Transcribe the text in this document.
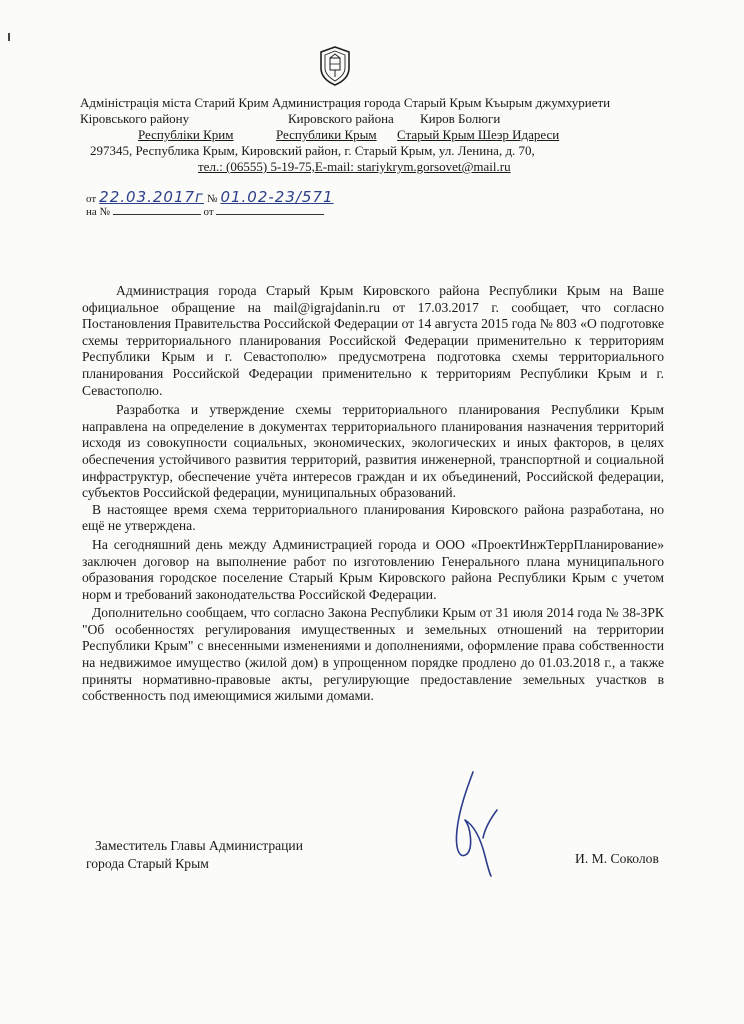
Адміністрація міста Старий Крим Администрация города Старый Крым Къырым джумхуриети
Кіровського району	Кировского района Киров Болюги
Республіки Крим	Республики Крым Старый Крым Шеэр Идареси
297345, Республика Крым, Кировский район, г. Старый Крым, ул. Ленина, д. 70,
тел.: (06555) 5-19-75,E-mail: stariykrym.gorsovet@mail.ru
от 22.03.2017г № 01.02-23/571
на №	от

Администрация города Старый Крым Кировского района Республики Крым на Ваше официальное обращение на mail@igrajdanin.ru от 17.03.2017 г. сообщает, что согласно Постановления Правительства Российской Федерации от 14 августа 2015 года № 803 «О подготовке схемы территориального планирования Российской Федерации применительно к территориям Республики Крым и г. Севастополю» предусмотрена подготовка схемы территориального планирования Российской Федерации применительно к территориям Республики Крым и г. Севастополю.

Разработка и утверждение схемы территориального планирования Республики Крым направлена на определение в документах территориального планирования назначения территорий исходя из совокупности социальных, экономических, экологических и иных факторов, в целях обеспечения устойчивого развития территорий, развития инженерной, транспортной и социальной инфраструктур, обеспечение учёта интересов граждан и их объединений, Российской федерации, субъектов Российской федерации, муниципальных образований.

В настоящее время схема территориального планирования Кировского района разработана, но ещё не утверждена.

На сегодняшний день между Администрацией города и ООО «ПроектИнжТеррПланирование» заключен договор на выполнение работ по изготовлению Генерального плана муниципального образования городское поселение Старый Крым Кировского района Республики Крым с учетом норм и требований законодательства Российской Федерации.

Дополнительно сообщаем, что согласно Закона Республики Крым от 31 июля 2014 года № 38-ЗРК "Об особенностях регулирования имущественных и земельных отношений на территории Республики Крым" с внесенными изменениями и дополнениями, оформление права собственности на недвижимое имущество (жилой дом) в упрощенном порядке продлено до 01.03.2018 г., а также приняты нормативно-правовые акты, регулирующие предоставление земельных участков в собственность под имеющимися жилыми домами.

Заместитель Главы Администрации
города Старый Крым	И. М. Соколов
